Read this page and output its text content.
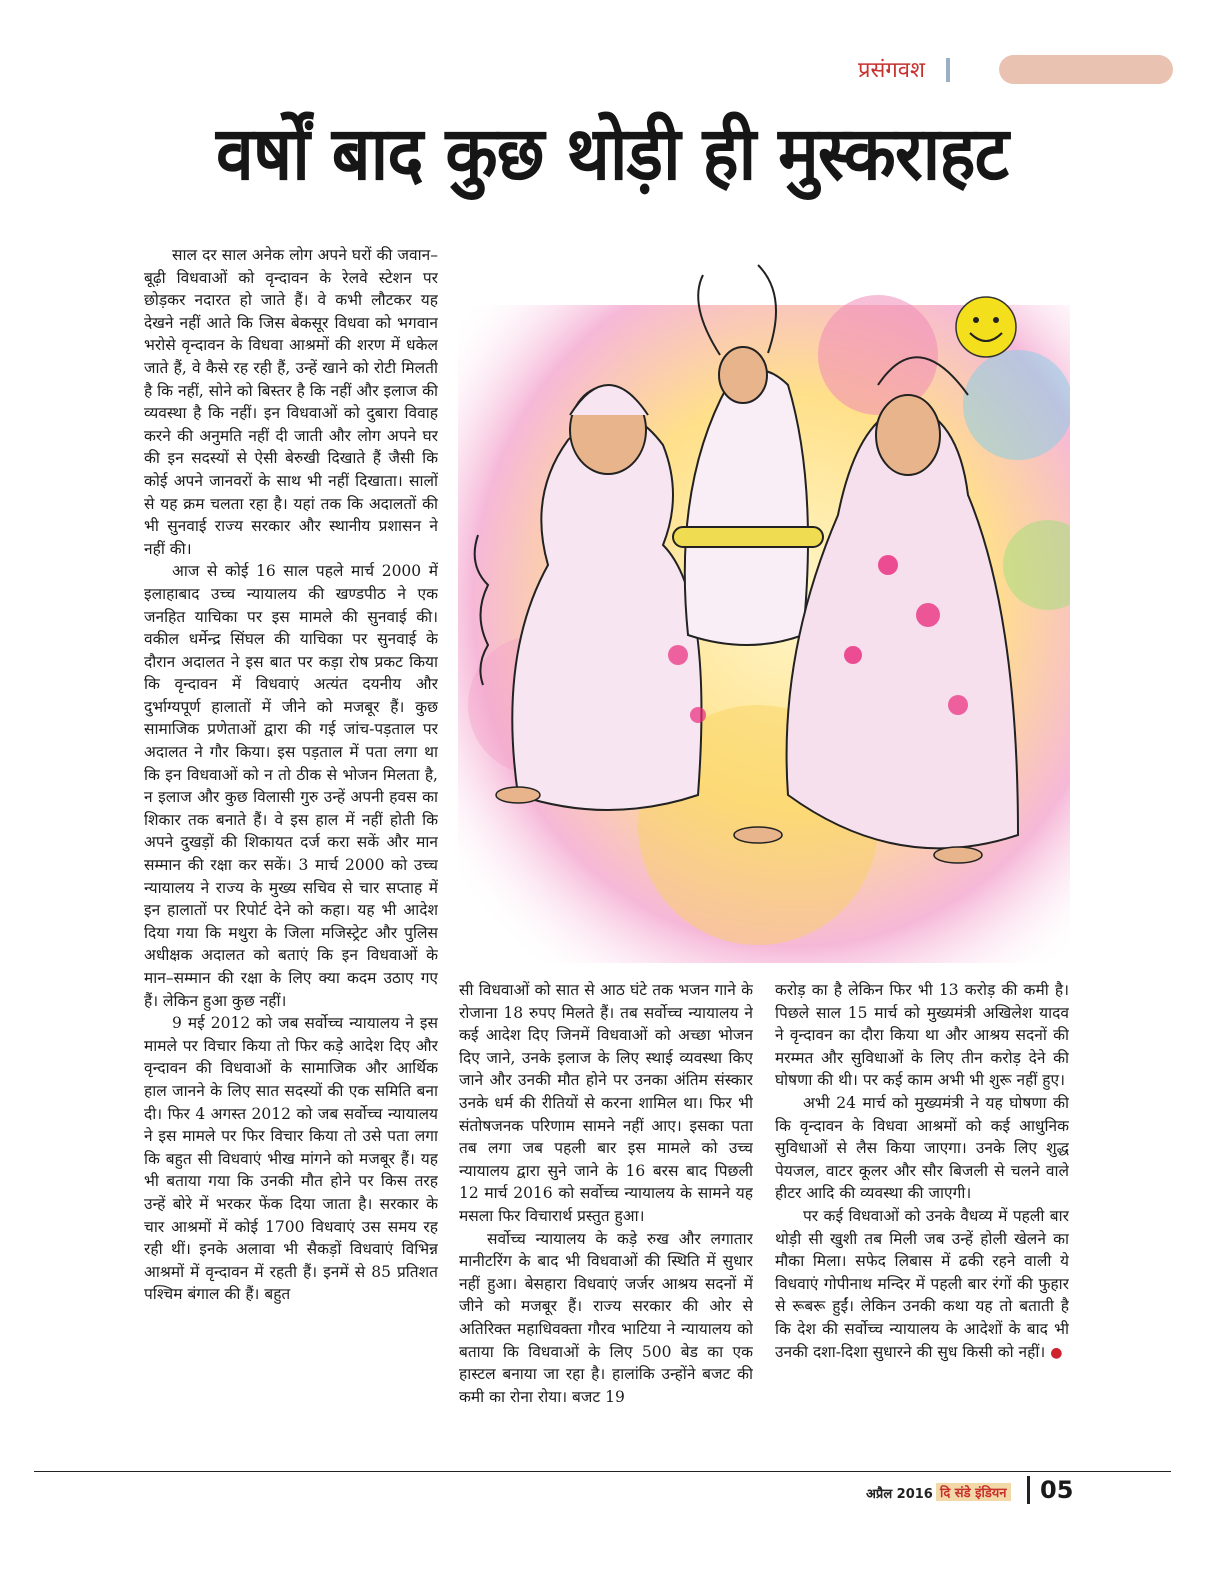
प्रसंगवश
वर्षों बाद कुछ थोड़ी ही मुस्कराहट

साल दर साल अनेक लोग अपने घरों की जवान–बूढ़ी विधवाओं को वृन्दावन के रेलवे स्टेशन पर छोड़कर नदारत हो जाते हैं। वे कभी लौटकर यह देखने नहीं आते कि जिस बेकसूर विधवा को भगवान भरोसे वृन्दावन के विधवा आश्रमों की शरण में धकेल जाते हैं, वे कैसे रह रही हैं, उन्हें खाने को रोटी मिलती है कि नहीं, सोने को बिस्तर है कि नहीं और इलाज की व्यवस्था है कि नहीं। इन विधवाओं को दुबारा विवाह करने की अनुमति नहीं दी जाती और लोग अपने घर की इन सदस्यों से ऐसी बेरुखी दिखाते हैं जैसी कि कोई अपने जानवरों के साथ भी नहीं दिखाता। सालों से यह क्रम चलता रहा है। यहां तक कि अदालतों की भी सुनवाई राज्य सरकार और स्थानीय प्रशासन ने नहीं की।

आज से कोई 16 साल पहले मार्च 2000 में इलाहाबाद उच्च न्यायालय की खण्डपीठ ने एक जनहित याचिका पर इस मामले की सुनवाई की। वकील धर्मेन्द्र सिंघल की याचिका पर सुनवाई के दौरान अदालत ने इस बात पर कड़ा रोष प्रकट किया कि वृन्दावन में विधवाएं अत्यंत दयनीय और दुर्भाग्यपूर्ण हालातों में जीने को मजबूर हैं। कुछ सामाजिक प्रणेताओं द्वारा की गई जांच-पड़ताल पर अदालत ने गौर किया। इस पड़ताल में पता लगा था कि इन विधवाओं को न तो ठीक से भोजन मिलता है, न इलाज और कुछ विलासी गुरु उन्हें अपनी हवस का शिकार तक बनाते हैं। वे इस हाल में नहीं होती कि अपने दुखड़ों की शिकायत दर्ज करा सकें और मान सम्मान की रक्षा कर सकें। 3 मार्च 2000 को उच्च न्यायालय ने राज्य के मुख्य सचिव से चार सप्ताह में इन हालातों पर रिपोर्ट देने को कहा। यह भी आदेश दिया गया कि मथुरा के जिला मजिस्ट्रेट और पुलिस अधीक्षक अदालत को बताएं कि इन विधवाओं के मान–सम्मान की रक्षा के लिए क्या कदम उठाए गए हैं। लेकिन हुआ कुछ नहीं।

9 मई 2012 को जब सर्वोच्च न्यायालय ने इस मामले पर विचार किया तो फिर कड़े आदेश दिए और वृन्दावन की विधवाओं के सामाजिक और आर्थिक हाल जानने के लिए सात सदस्यों की एक समिति बना दी। फिर 4 अगस्त 2012 को जब सर्वोच्च न्यायालय ने इस मामले पर फिर विचार किया तो उसे पता लगा कि बहुत सी विधवाएं भीख मांगने को मजबूर हैं। यह भी बताया गया कि उनकी मौत होने पर किस तरह उन्हें बोरे में भरकर फेंक दिया जाता है। सरकार के चार आश्रमों में कोई 1700 विधवाएं उस समय रह रही थीं। इनके अलावा भी सैकड़ों विधवाएं विभिन्न आश्रमों में वृन्दावन में रहती हैं। इनमें से 85 प्रतिशत पश्चिम बंगाल की हैं। बहुत

सी विधवाओं को सात से आठ घंटे तक भजन गाने के रोजाना 18 रुपए मिलते हैं। तब सर्वोच्च न्यायालय ने कई आदेश दिए जिनमें विधवाओं को अच्छा भोजन दिए जाने, उनके इलाज के लिए स्थाई व्यवस्था किए जाने और उनकी मौत होने पर उनका अंतिम संस्कार उनके धर्म की रीतियों से करना शामिल था। फिर भी संतोषजनक परिणाम सामने नहीं आए। इसका पता तब लगा जब पहली बार इस मामले को उच्च न्यायालय द्वारा सुने जाने के 16 बरस बाद पिछली 12 मार्च 2016 को सर्वोच्च न्यायालय के सामने यह मसला फिर विचारार्थ प्रस्तुत हुआ।

सर्वोच्च न्यायालय के कड़े रुख और लगातार मानीटरिंग के बाद भी विधवाओं की स्थिति में सुधार नहीं हुआ। बेसहारा विधवाएं जर्जर आश्रय सदनों में जीने को मजबूर हैं। राज्य सरकार की ओर से अतिरिक्त महाधिवक्ता गौरव भाटिया ने न्यायालय को बताया कि विधवाओं के लिए 500 बेड का एक हास्टल बनाया जा रहा है। हालांकि उन्होंने बजट की कमी का रोना रोया। बजट 19

करोड़ का है लेकिन फिर भी 13 करोड़ की कमी है। पिछले साल 15 मार्च को मुख्यमंत्री अखिलेश यादव ने वृन्दावन का दौरा किया था और आश्रय सदनों की मरम्मत और सुविधाओं के लिए तीन करोड़ देने की घोषणा की थी। पर कई काम अभी भी शुरू नहीं हुए।

अभी 24 मार्च को मुख्यमंत्री ने यह घोषणा की कि वृन्दावन के विधवा आश्रमों को कई आधुनिक सुविधाओं से लैस किया जाएगा। उनके लिए शुद्ध पेयजल, वाटर कूलर और सौर बिजली से चलने वाले हीटर आदि की व्यवस्था की जाएगी।

पर कई विधवाओं को उनके वैधव्य में पहली बार थोड़ी सी खुशी तब मिली जब उन्हें होली खेलने का मौका मिला। सफेद लिबास में ढकी रहने वाली ये विधवाएं गोपीनाथ मन्दिर में पहली बार रंगों की फुहार से रूबरू हुईं। लेकिन उनकी कथा यह तो बताती है कि देश की सर्वोच्च न्यायालय के आदेशों के बाद भी उनकी दशा-दिशा सुधारने की सुध किसी को नहीं। ●

अप्रैल 2016 दि संडे इंडियन 05
